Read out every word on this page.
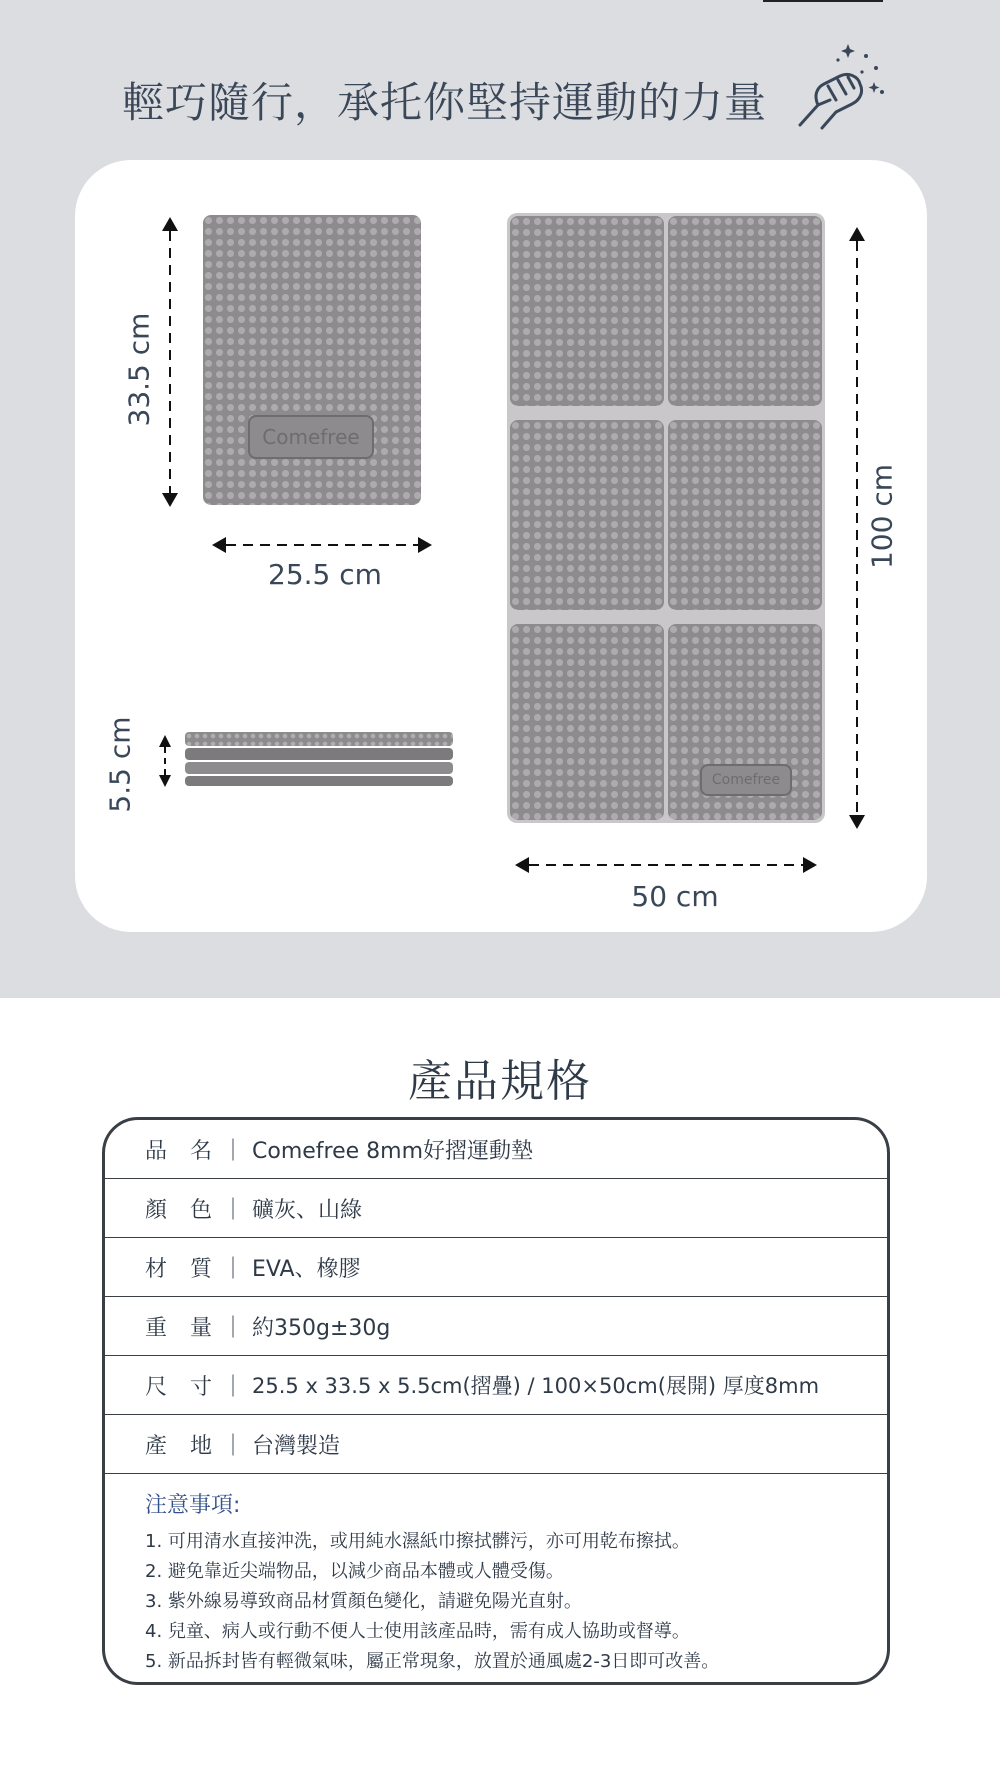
輕巧隨行，承托你堅持運動的力量
Comefree
33.5 cm
25.5 cm
5.5 cm	Comefree
100 cm
50 cm
產品規格
品 名 ｜ Comefree 8mm好摺運動墊
顏 色 ｜ 礦灰、山綠
材 質 ｜ EVA、橡膠
重 量 ｜ 約350g±30g
尺 寸 ｜ 25.5 x 33.5 x 5.5cm(摺疊) / 100×50cm(展開) 厚度8mm
產 地 ｜ 台灣製造
注意事項:
1. 可用清水直接沖洗，或用純水濕紙巾擦拭髒污，亦可用乾布擦拭。
2. 避免靠近尖端物品，以減少商品本體或人體受傷。
3. 紫外線易導致商品材質顏色變化，請避免陽光直射。
4. 兒童、病人或行動不便人士使用該產品時，需有成人協助或督導。
5. 新品拆封皆有輕微氣味，屬正常現象，放置於通風處2-3日即可改善。
